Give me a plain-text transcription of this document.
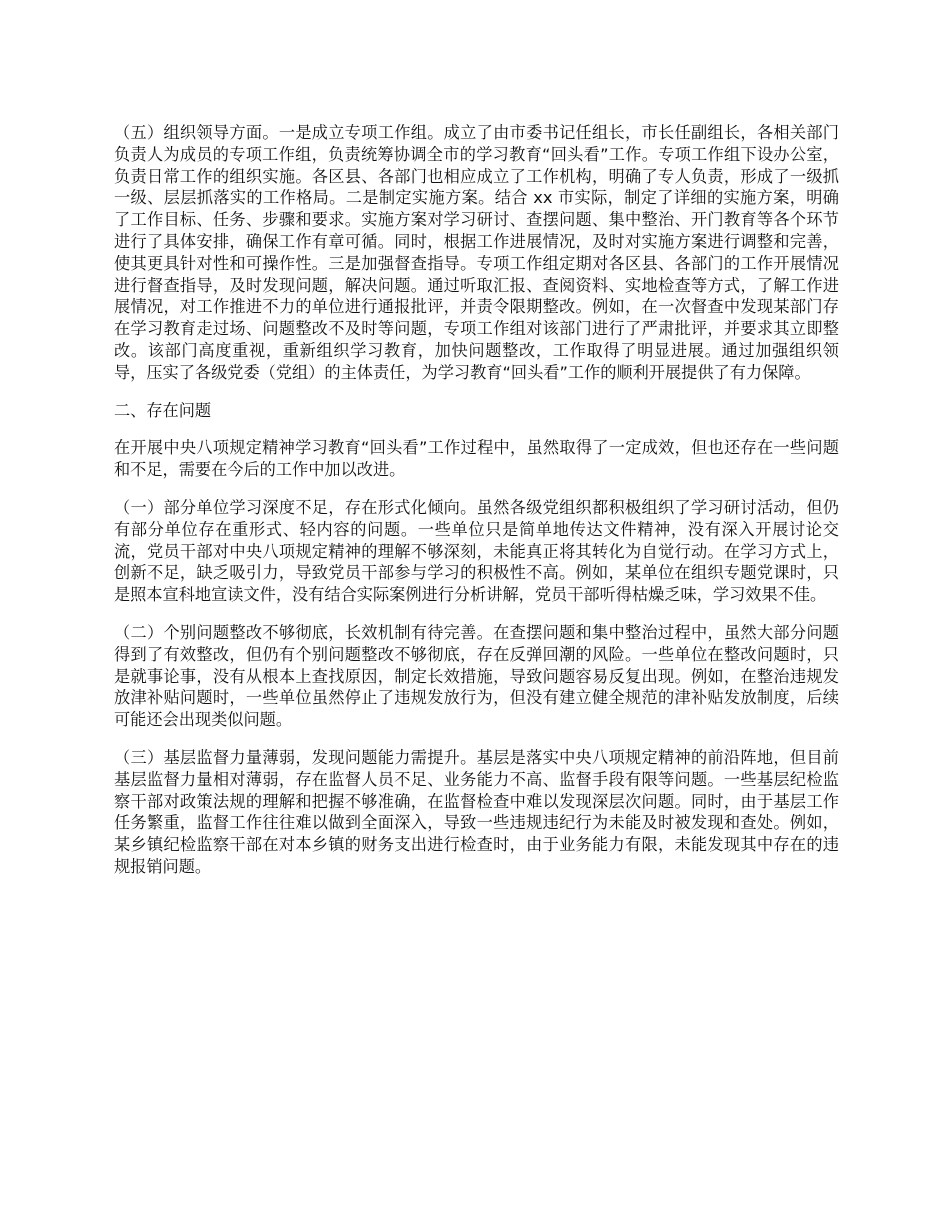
（五）组织领导方面。一是成立专项工作组。成立了由市委书记任组长，市长任副组长，各相关部门负责人为成员的专项工作组，负责统筹协调全市的学习教育“回头看”工作。专项工作组下设办公室，负责日常工作的组织实施。各区县、各部门也相应成立了工作机构，明确了专人负责，形成了一级抓一级、层层抓落实的工作格局。二是制定实施方案。结合 xx 市实际，制定了详细的实施方案，明确了工作目标、任务、步骤和要求。实施方案对学习研讨、查摆问题、集中整治、开门教育等各个环节进行了具体安排，确保工作有章可循。同时，根据工作进展情况，及时对实施方案进行调整和完善，使其更具针对性和可操作性。三是加强督查指导。专项工作组定期对各区县、各部门的工作开展情况进行督查指导，及时发现问题，解决问题。通过听取汇报、查阅资料、实地检查等方式，了解工作进展情况，对工作推进不力的单位进行通报批评，并责令限期整改。例如，在一次督查中发现某部门存在学习教育走过场、问题整改不及时等问题，专项工作组对该部门进行了严肃批评，并要求其立即整改。该部门高度重视，重新组织学习教育，加快问题整改，工作取得了明显进展。通过加强组织领导，压实了各级党委（党组）的主体责任，为学习教育“回头看”工作的顺利开展提供了有力保障。

二、存在问题

在开展中央八项规定精神学习教育“回头看”工作过程中，虽然取得了一定成效，但也还存在一些问题和不足，需要在今后的工作中加以改进。

（一）部分单位学习深度不足，存在形式化倾向。虽然各级党组织都积极组织了学习研讨活动，但仍有部分单位存在重形式、轻内容的问题。一些单位只是简单地传达文件精神，没有深入开展讨论交流，党员干部对中央八项规定精神的理解不够深刻，未能真正将其转化为自觉行动。在学习方式上，创新不足，缺乏吸引力，导致党员干部参与学习的积极性不高。例如，某单位在组织专题党课时，只是照本宣科地宣读文件，没有结合实际案例进行分析讲解，党员干部听得枯燥乏味，学习效果不佳。

（二）个别问题整改不够彻底，长效机制有待完善。在查摆问题和集中整治过程中，虽然大部分问题得到了有效整改，但仍有个别问题整改不够彻底，存在反弹回潮的风险。一些单位在整改问题时，只是就事论事，没有从根本上查找原因，制定长效措施，导致问题容易反复出现。例如，在整治违规发放津补贴问题时，一些单位虽然停止了违规发放行为，但没有建立健全规范的津补贴发放制度，后续可能还会出现类似问题。

（三）基层监督力量薄弱，发现问题能力需提升。基层是落实中央八项规定精神的前沿阵地，但目前基层监督力量相对薄弱，存在监督人员不足、业务能力不高、监督手段有限等问题。一些基层纪检监察干部对政策法规的理解和把握不够准确，在监督检查中难以发现深层次问题。同时，由于基层工作任务繁重，监督工作往往难以做到全面深入，导致一些违规违纪行为未能及时被发现和查处。例如，某乡镇纪检监察干部在对本乡镇的财务支出进行检查时，由于业务能力有限，未能发现其中存在的违规报销问题。
